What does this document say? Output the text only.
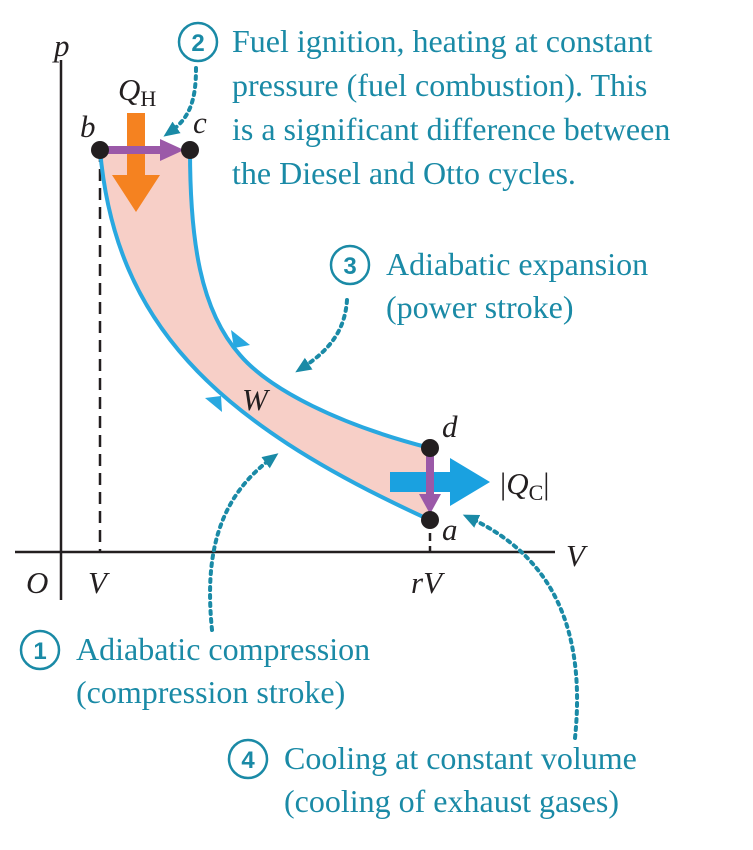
p
V
O V	rV
b	c
d
a
QH
|QC|
W
2 Fuel ignition, heating at constant
pressure (fuel combustion). This
is a significant difference between
the Diesel and Otto cycles.
3 Adiabatic expansion
(power stroke)
1 Adiabatic compression
(compression stroke)
4 Cooling at constant volume
(cooling of exhaust gases)
